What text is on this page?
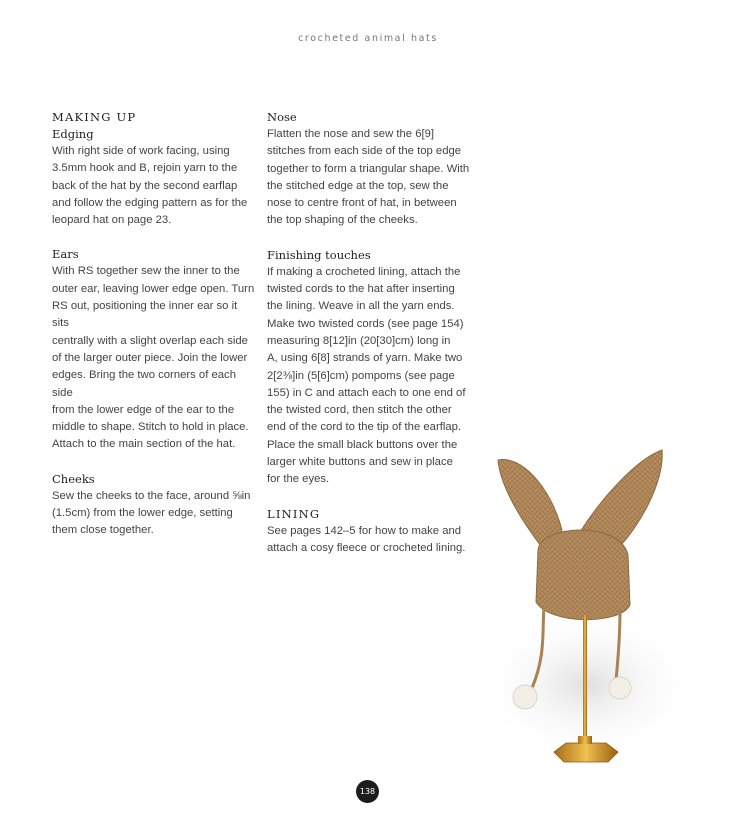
crocheted animal hats
MAKING UP
Edging

With right side of work facing, using

3.5mm hook and B, rejoin yarn to the

back of the hat by the second earflap

and follow the edging pattern as for the

leopard hat on page 23.

Ears

With RS together sew the inner to the

outer ear, leaving lower edge open. Turn

RS out, positioning the inner ear so it sits

centrally with a slight overlap each side

of the larger outer piece. Join the lower

edges. Bring the two corners of each side

from the lower edge of the ear to the

middle to shape. Stitch to hold in place.

Attach to the main section of the hat.

Cheeks

Sew the cheeks to the face, around ⅝in

(1.5cm) from the lower edge, setting

them close together.

Nose

Flatten the nose and sew the 6[9]

stitches from each side of the top edge

together to form a triangular shape. With

the stitched edge at the top, sew the

nose to centre front of hat, in between

the top shaping of the cheeks.

Finishing touches

If making a crocheted lining, attach the

twisted cords to the hat after inserting

the lining. Weave in all the yarn ends.

Make two twisted cords (see page 154)

measuring 8[12]in (20[30]cm) long in

A, using 6[8] strands of yarn. Make two

2[2⅜]in (5[6]cm) pompoms (see page

155) in C and attach each to one end of

the twisted cord, then stitch the other

end of the cord to the tip of the earflap.

Place the small black buttons over the

larger white buttons and sew in place

for the eyes.

LINING

See pages 142–5 for how to make and

attach a cosy fleece or crocheted lining.

138
